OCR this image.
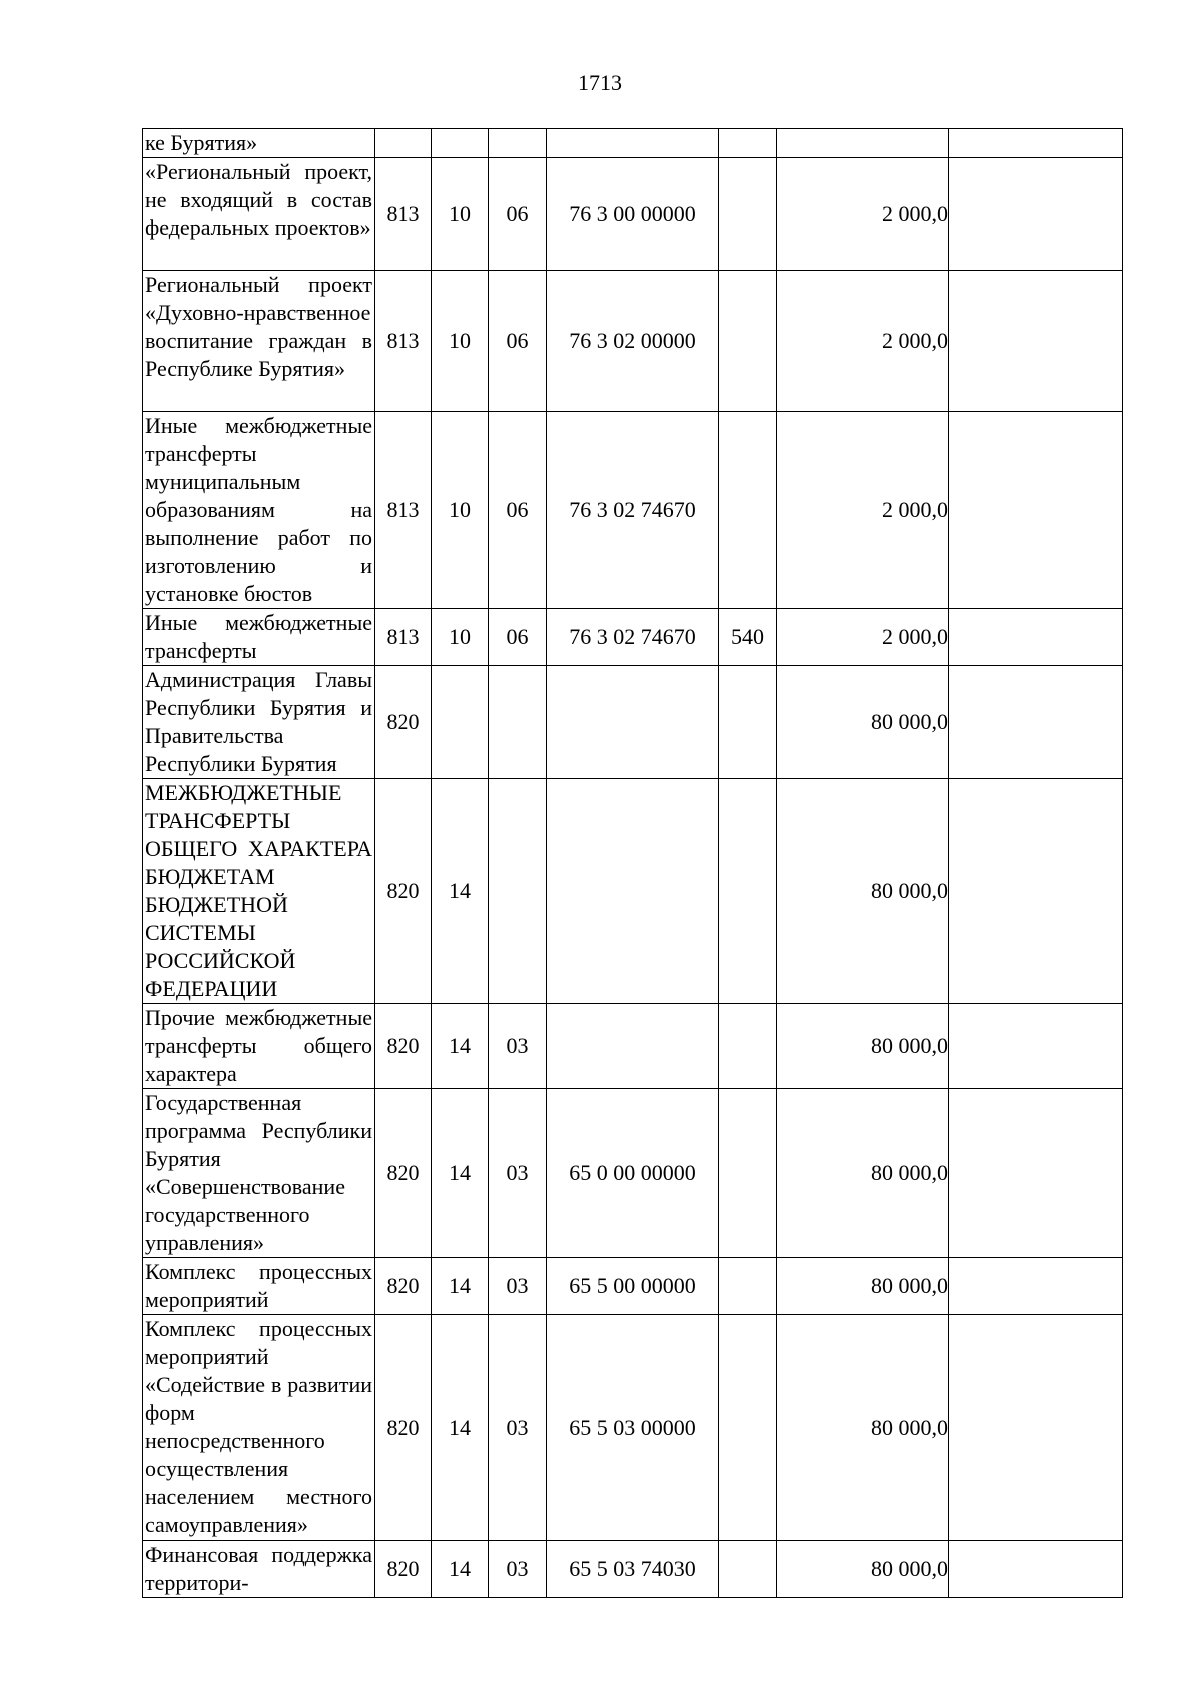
1713
ке Бурятия»							
«Региональный проект, не входящий в состав федеральных проектов»	813	10	06	76 3 00 00000		2 000,0	
Региональный проект «Духовно-нравственное воспитание граждан в Республике Бурятия»	813	10	06	76 3 02 00000		2 000,0	
Иные межбюджетные трансферты муниципальным образованиям на выполнение работ по изготовлению и установке бюстов	813	10	06	76 3 02 74670		2 000,0	
Иные межбюджетные трансферты	813	10	06	76 3 02 74670	540	2 000,0	
Администрация Главы Республики Бурятия и Правительства Республики Бурятия	820					80 000,0	
МЕЖБЮДЖЕТНЫЕ ТРАНСФЕРТЫ ОБЩЕГО ХАРАКТЕРА БЮДЖЕТАМ БЮДЖЕТНОЙ СИСТЕМЫ РОССИЙСКОЙ ФЕДЕРАЦИИ	820	14				80 000,0	
Прочие межбюджетные трансферты общего характера	820	14	03			80 000,0	
Государственная программа Республики Бурятия «Совершенствование государственного управления»	820	14	03	65 0 00 00000		80 000,0	
Комплекс процессных мероприятий	820	14	03	65 5 00 00000		80 000,0	
Комплекс процессных мероприятий «Содействие в развитии форм непосредственного осуществления населением местного самоуправления»	820	14	03	65 5 03 00000		80 000,0	
Финансовая поддержка территори-	820	14	03	65 5 03 74030		80 000,0	
